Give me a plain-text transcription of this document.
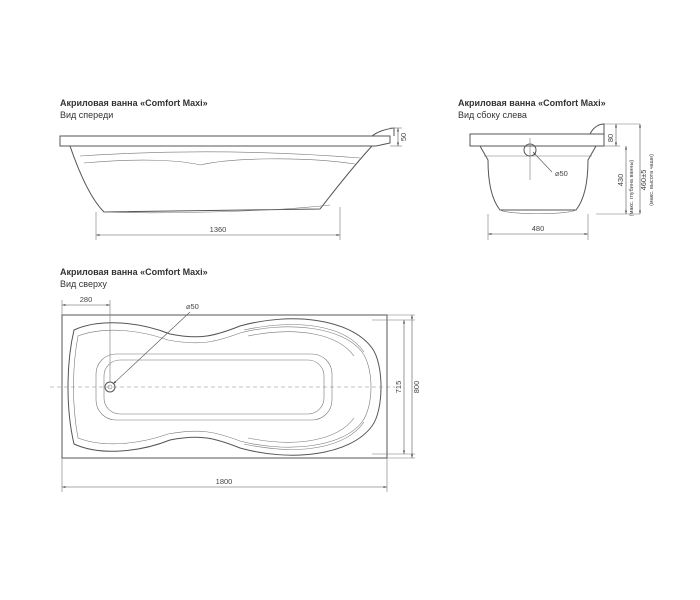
Акриловая ванна «Comfort Maxi»
Вид спереди
Акриловая ванна «Comfort Maxi»
Вид сбоку слева
Акриловая ванна «Comfort Maxi»
Вид сверху
50
1360
⌀50
480
80
430 (макс. глубина ванны) 460±5 (макс. высота чаши)
⌀50
280
715 800
1800
